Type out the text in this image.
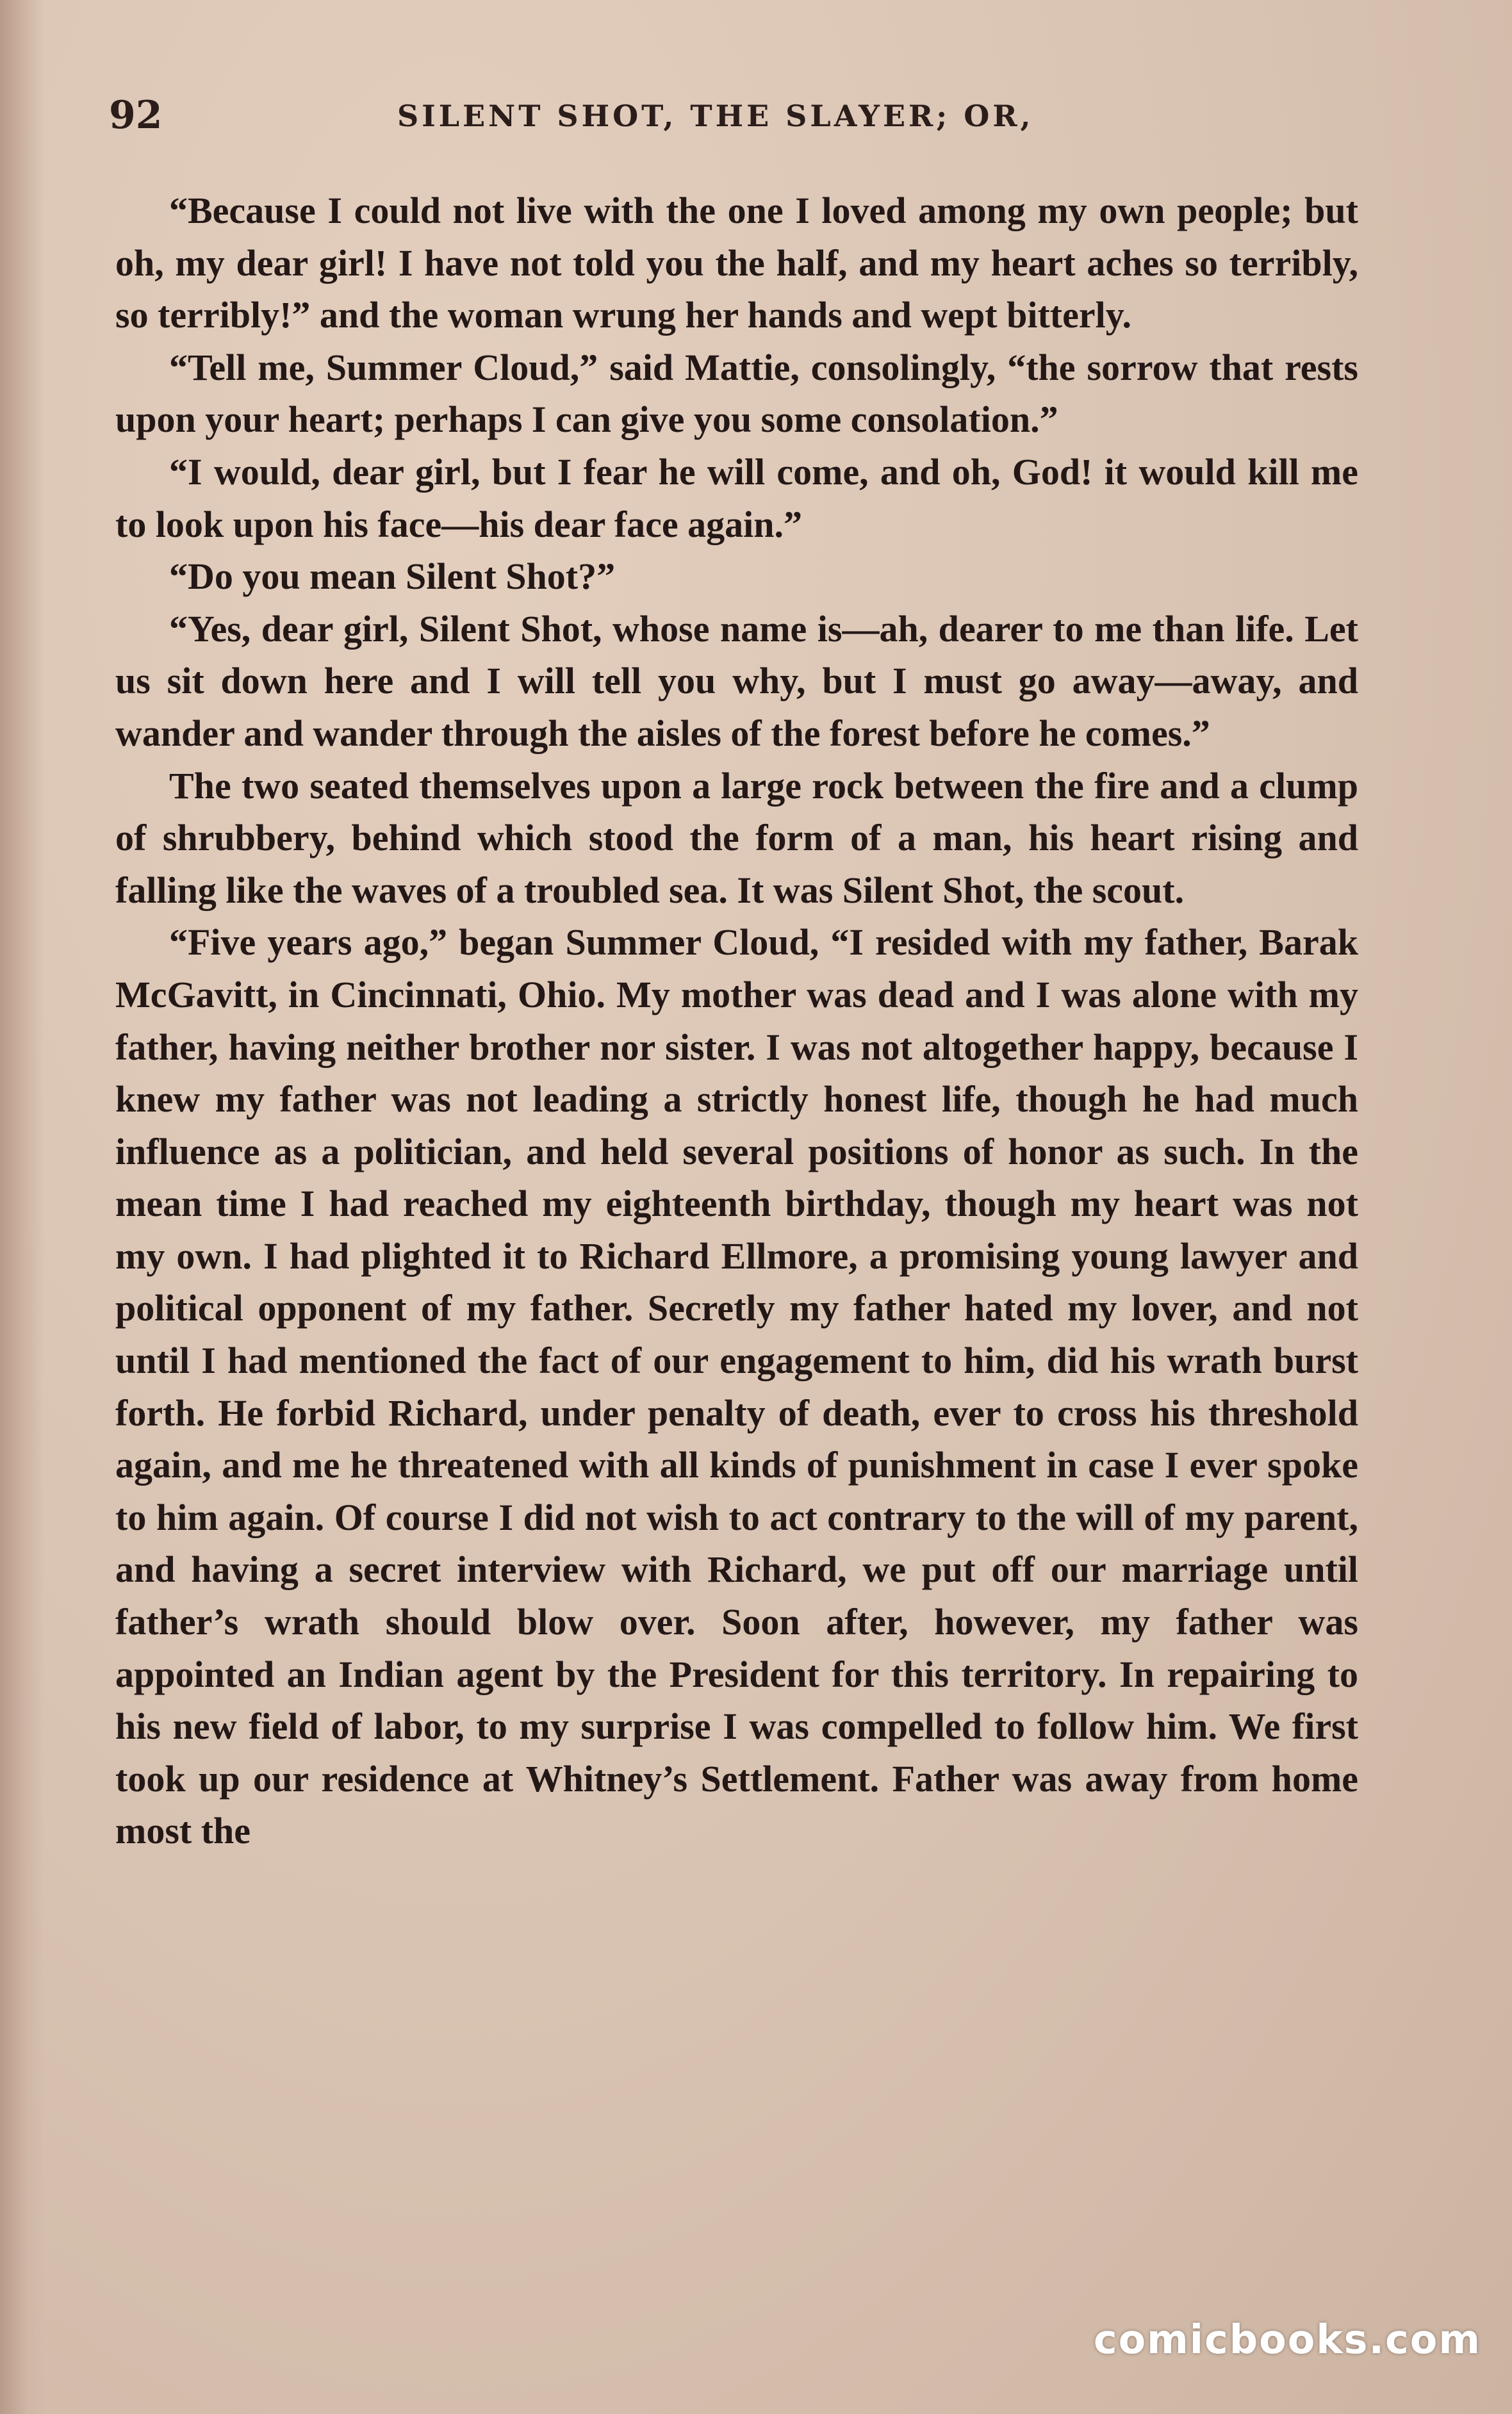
92	SILENT SHOT, THE SLAYER; OR,

“Because I could not live with the one I loved among my own people; but oh, my dear girl! I have not told you the half, and my heart aches so terribly, so terribly!” and the woman wrung her hands and wept bitterly.

“Tell me, Summer Cloud,” said Mattie, consolingly, “the sorrow that rests upon your heart; perhaps I can give you some consolation.”

“I would, dear girl, but I fear he will come, and oh, God! it would kill me to look upon his face—his dear face again.”

“Do you mean Silent Shot?”

“Yes, dear girl, Silent Shot, whose name is—ah, dearer to me than life. Let us sit down here and I will tell you why, but I must go away—away, and wander and wander through the aisles of the forest before he comes.”

The two seated themselves upon a large rock between the fire and a clump of shrubbery, behind which stood the form of a man, his heart rising and falling like the waves of a troubled sea. It was Silent Shot, the scout.

“Five years ago,” began Summer Cloud, “I resided with my father, Barak McGavitt, in Cincinnati, Ohio. My mother was dead and I was alone with my father, having neither brother nor sister. I was not altogether happy, because I knew my father was not leading a strictly honest life, though he had much influence as a politician, and held several positions of honor as such. In the mean time I had reached my eighteenth birthday, though my heart was not my own. I had plighted it to Richard Ellmore, a promising young lawyer and political opponent of my father. Secretly my father hated my lover, and not until I had mentioned the fact of our engagement to him, did his wrath burst forth. He forbid Richard, under penalty of death, ever to cross his threshold again, and me he threatened with all kinds of punishment in case I ever spoke to him again. Of course I did not wish to act contrary to the will of my parent, and having a secret interview with Richard, we put off our marriage until father’s wrath should blow over. Soon after, however, my father was appointed an Indian agent by the President for this territory. In repairing to his new field of labor, to my surprise I was compelled to follow him. We first took up our residence at Whitney’s Settlement. Father was away from home most the

comicbooks.com
